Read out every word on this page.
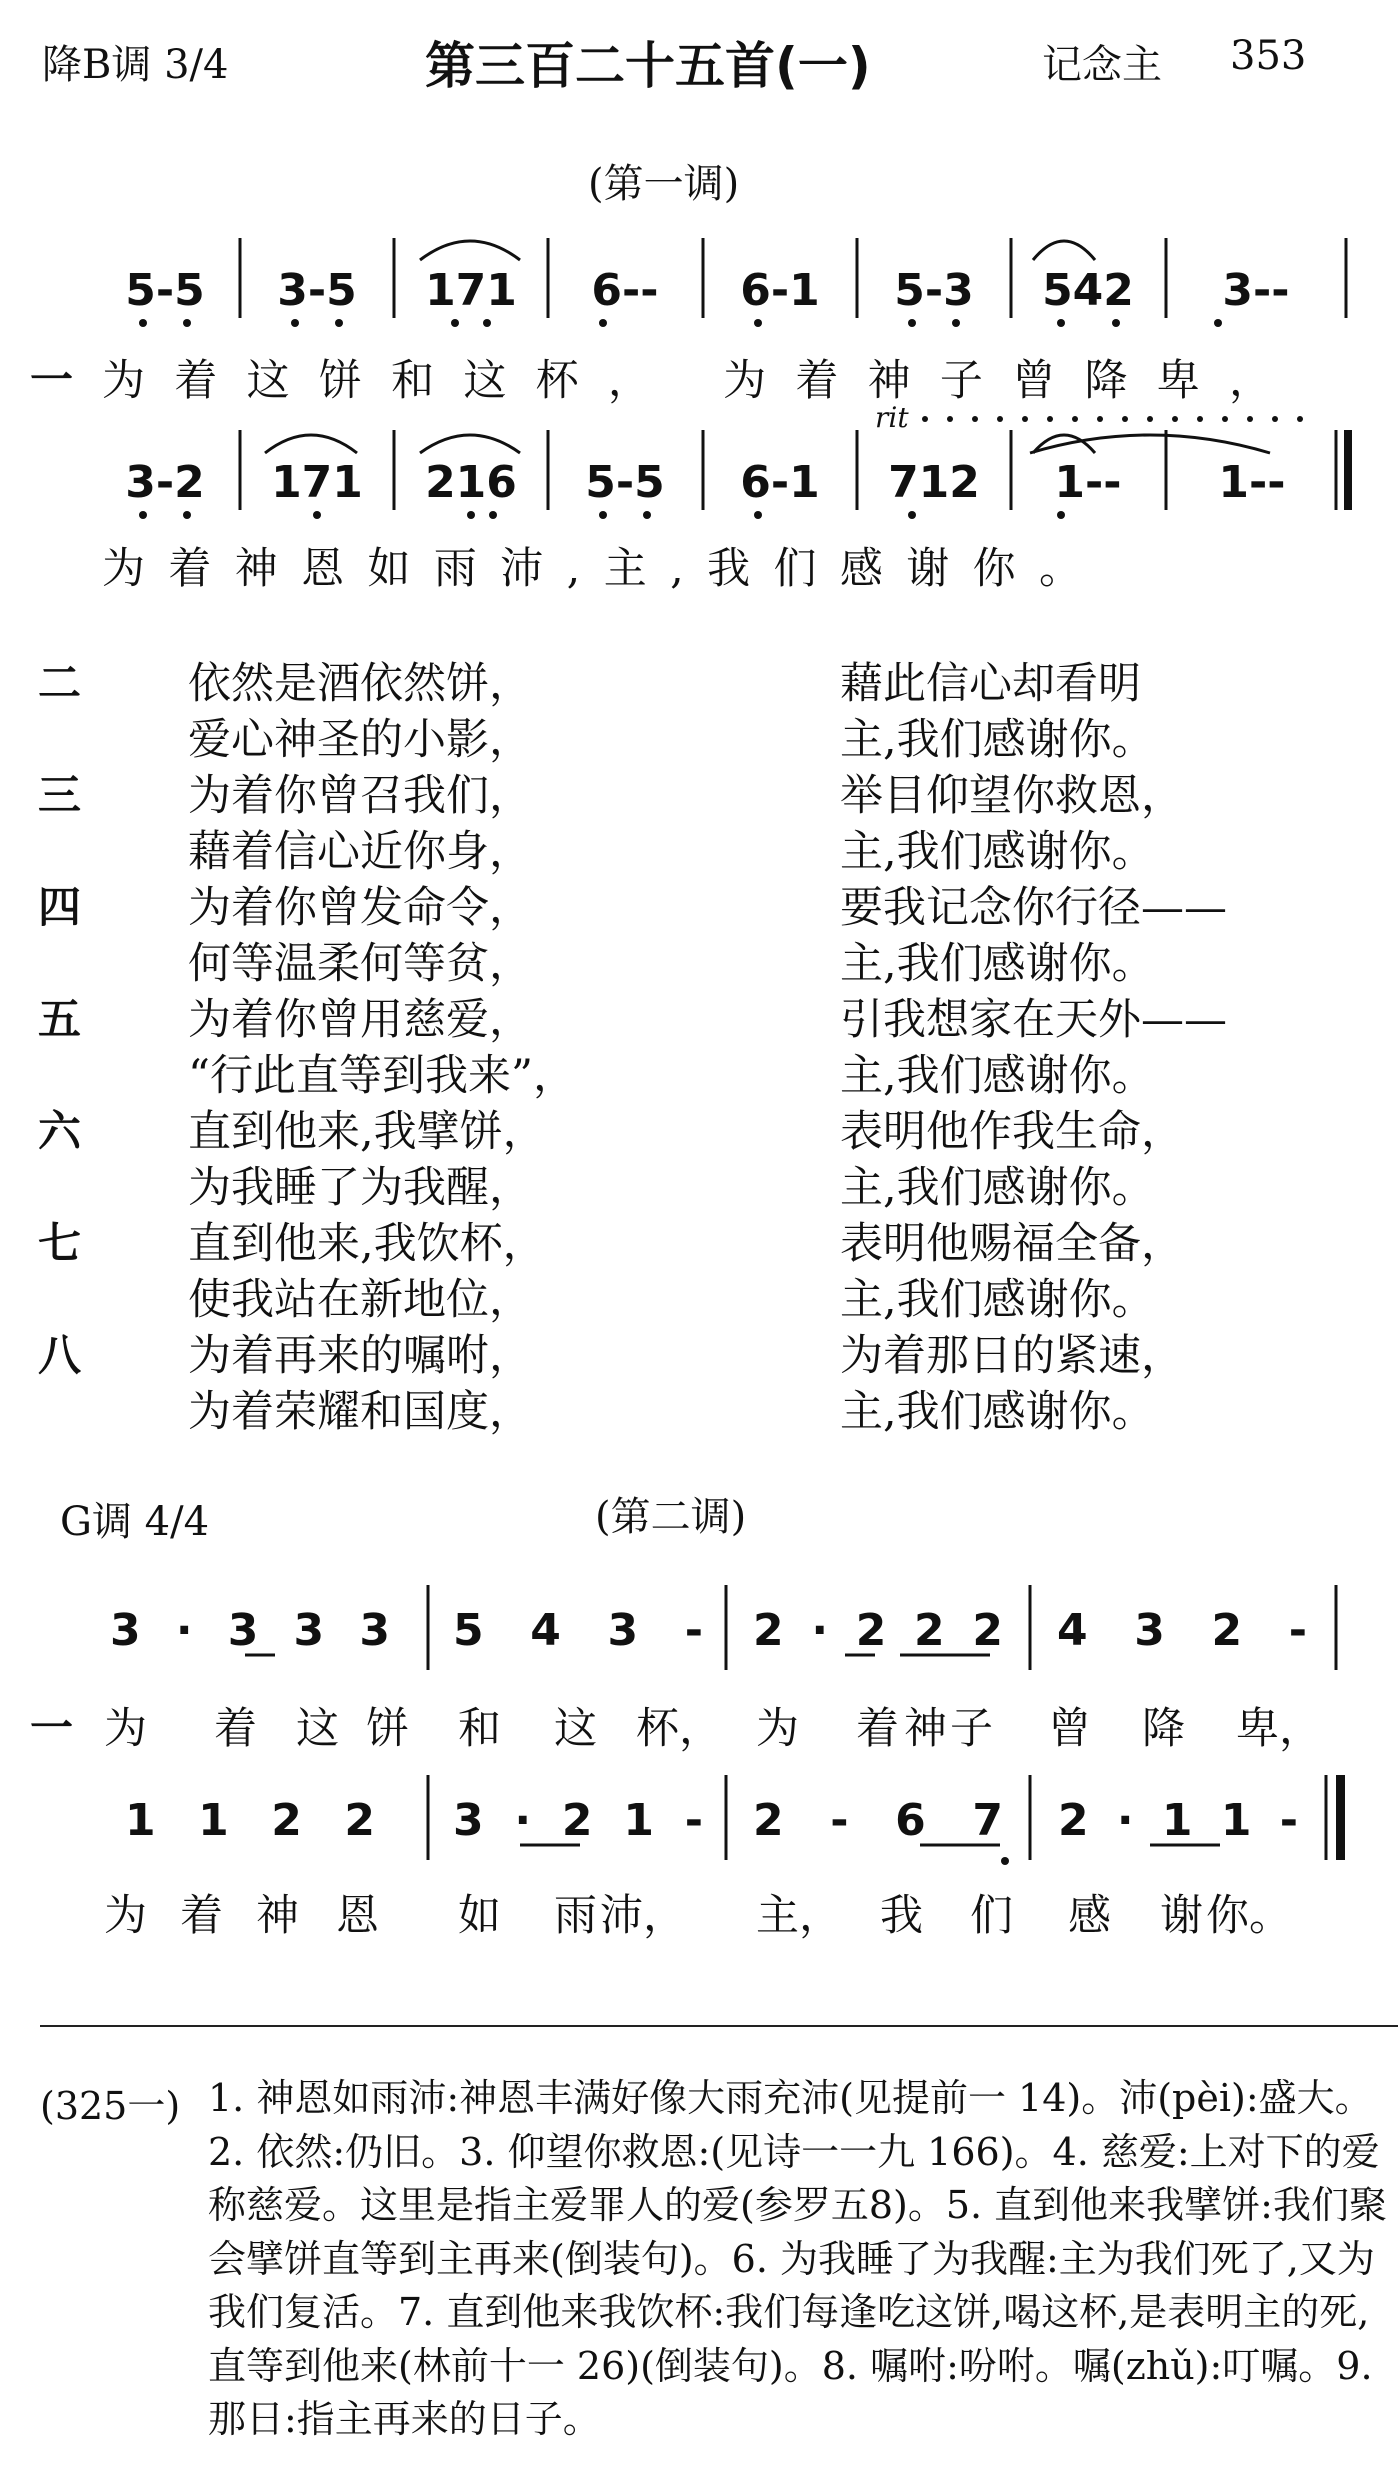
降B调 3/4	第三百二十五首(一)	记念主 353
(第一调)
5-5 3-5 171 6-- 6-1 5-3 542 3--
一 为着这饼和这杯， 为着神子曾降卑，
rit
3-2 171 216 5-5 6-1 712 1-- 1--
为着神恩如雨沛,主,我们感谢你。
二 依然是酒依然饼，	藉此信心却看明
爱心神圣的小影，	主,我们感谢你。
三 为着你曾召我们，	举目仰望你救恩，
藉着信心近你身，	主,我们感谢你。
四 为着你曾发命令，	要我记念你行径——
何等温柔何等贫，	主,我们感谢你。
五 为着你曾用慈爱，	引我想家在天外——
“行此直等到我来”，	主,我们感谢你。
六 直到他来,我擘饼，	表明他作我生命，
为我睡了为我醒，	主,我们感谢你。
七 直到他来,我饮杯，	表明他赐福全备，
使我站在新地位，	主,我们感谢你。
八 为着再来的嘱咐，	为着那日的紧速，
为着荣耀和国度，	主,我们感谢你。
G调 4/4	(第二调)
3·333 543- 2·222 432-
一 为 着 这 饼 和 这 杯， 为 着 神 子 曾 降 卑，
1122 3·21- 2-67 2·11-
为 着 神 恩 如 雨 沛， 主， 我 们 感 谢 你。
(325一) 1. 神恩如雨沛:神恩丰满好像大雨充沛(见提前一 14)。沛(pèi):盛大。2. 依然:仍旧。3. 仰望你救恩:(见诗一一九 166)。4. 慈爱:上对下的爱称慈爱。这里是指主爱罪人的爱(参罗五8)。5. 直到他来我擘饼:我们聚会擘饼直等到主再来(倒装句)。6. 为我睡了为我醒:主为我们死了,又为我们复活。7. 直到他来我饮杯:我们每逢吃这饼,喝这杯,是表明主的死,直等到他来(林前十一 26)(倒装句)。8. 嘱咐:吩咐。嘱(zhǔ):叮嘱。9. 那日:指主再来的日子。
